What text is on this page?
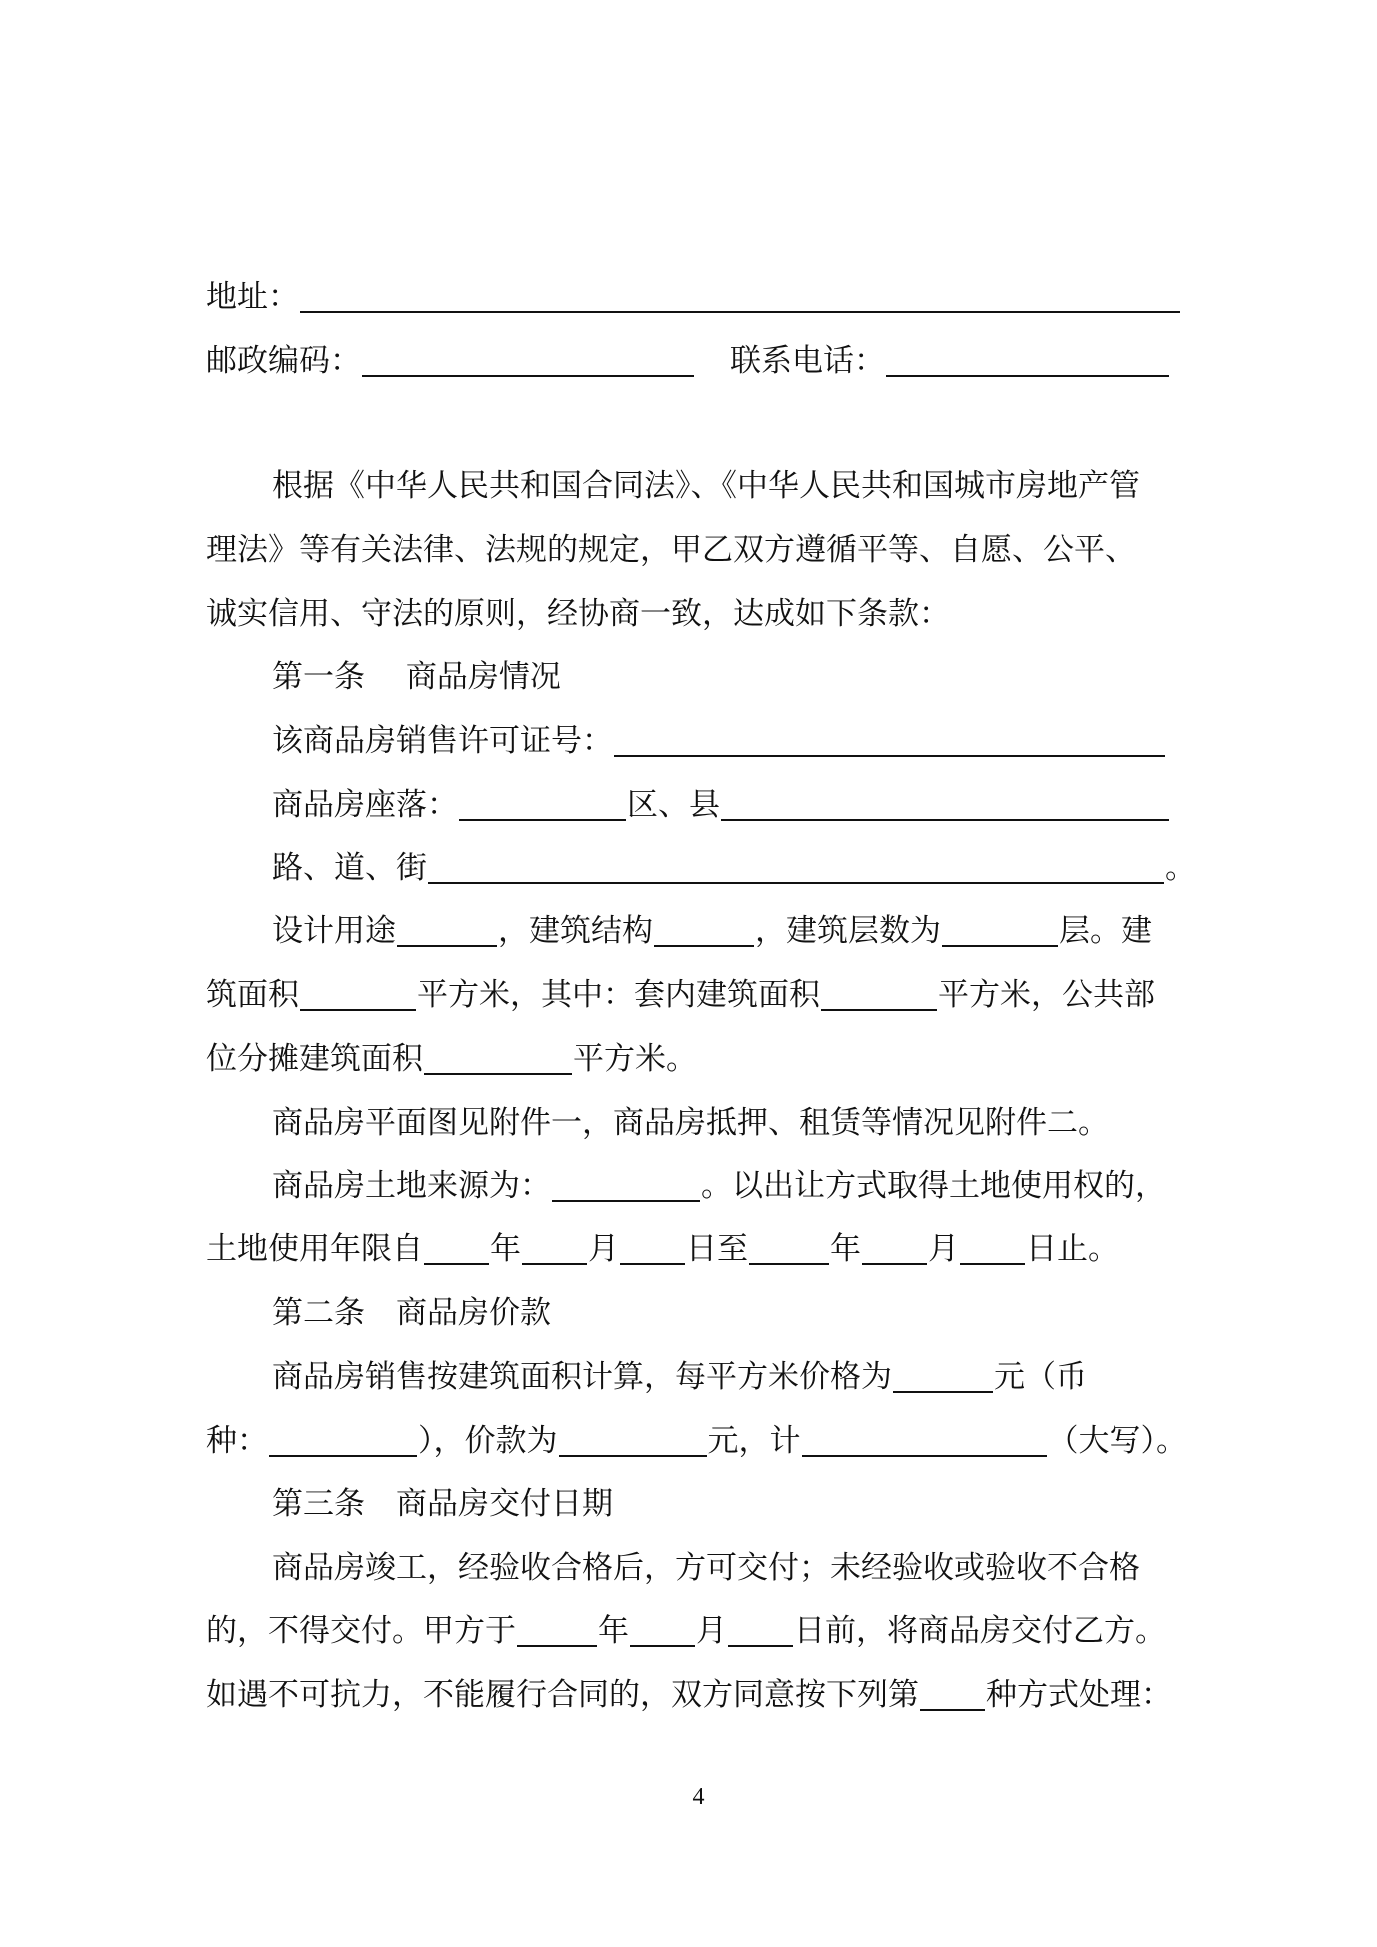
地址：
邮政编码：	联系电话：
根据《中华人民共和国合同法》、《中华人民共和国城市房地产管
理法》等有关法律、法规的规定，甲乙双方遵循平等、自愿、公平、
诚实信用、守法的原则，经协商一致，达成如下条款：
第一条　 商品房情况
该商品房销售许可证号：
商品房座落：	区、县
路、道、街	。
设计用途	，建筑结构	，建筑层数为	层。建
筑面积	平方米，其中：套内建筑面积	平方米，公共部
位分摊建筑面积	平方米。
商品房平面图见附件一，商品房抵押、租赁等情况见附件二。
商品房土地来源为：	。以出让方式取得土地使用权的，
土地使用年限自 年 月 日至	年 月 日止。
第二条　商品房价款
商品房销售按建筑面积计算，每平方米价格为	元（币
种：	），价款为	元，计	（大写）。
第三条　商品房交付日期
商品房竣工，经验收合格后，方可交付；未经验收或验收不合格
的，不得交付。甲方于	年 月 日前，将商品房交付乙方。
如遇不可抗力，不能履行合同的，双方同意按下列第 种方式处理：
4
